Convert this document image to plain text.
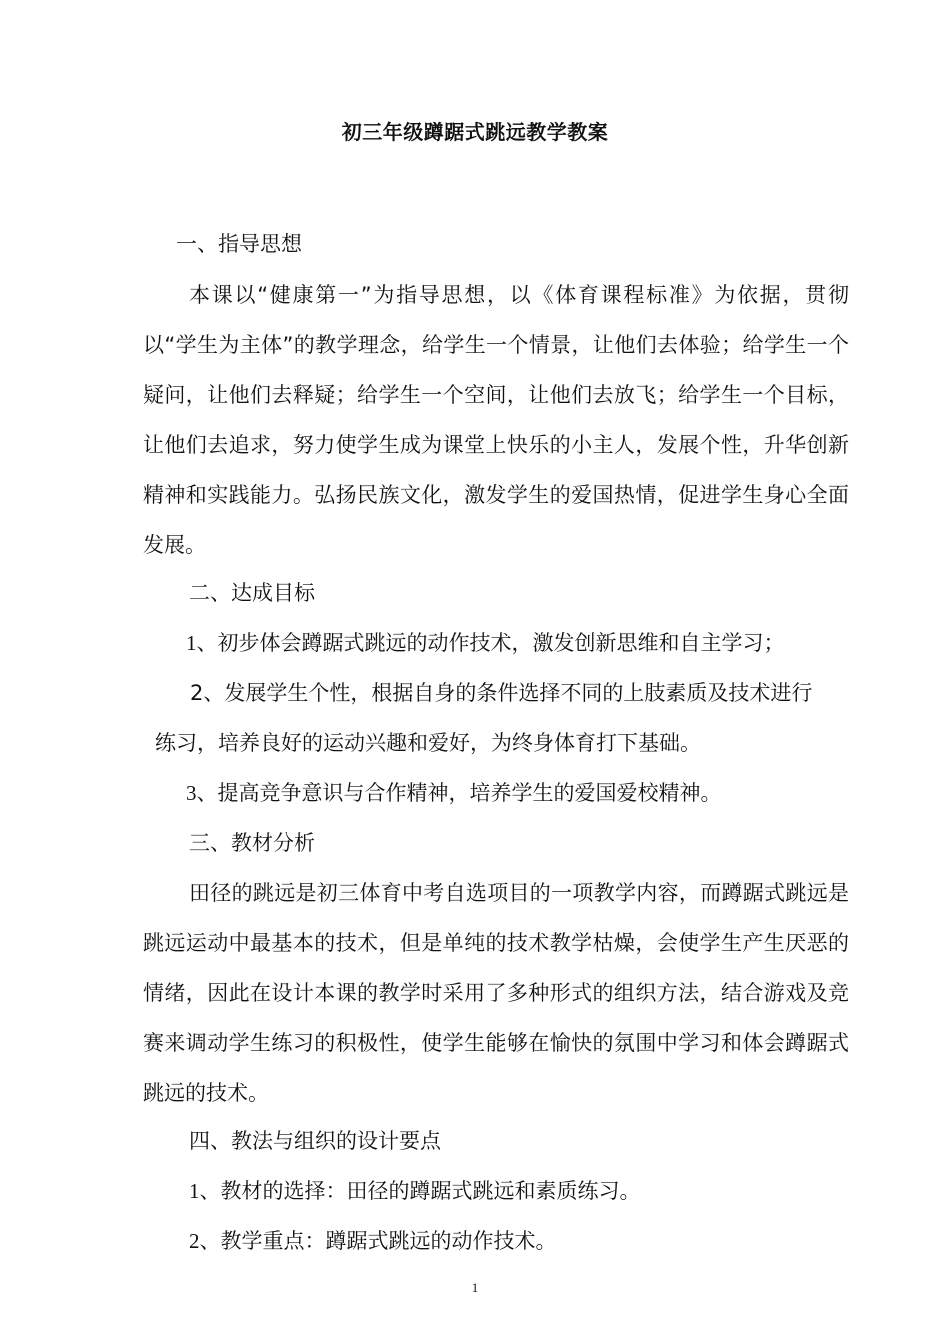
初三年级蹲踞式跳远教学教案
一、指导思想

本课以“健康第一”为指导思想，以《体育课程标准》为依据，贯彻以“学生为主体”的教学理念，给学生一个情景，让他们去体验；给学生一个疑问，让他们去释疑；给学生一个空间，让他们去放飞；给学生一个目标，让他们去追求，努力使学生成为课堂上快乐的小主人，发展个性，升华创新精神和实践能力。弘扬民族文化，激发学生的爱国热情，促进学生身心全面发展。

二、达成目标
1、初步体会蹲踞式跳远的动作技术，激发创新思维和自主学习；
2、发展学生个性，根据自身的条件选择不同的上肢素质及技术进行
练习，培养良好的运动兴趣和爱好，为终身体育打下基础。
3、提高竞争意识与合作精神，培养学生的爱国爱校精神。
三、教材分析

田径的跳远是初三体育中考自选项目的一项教学内容，而蹲踞式跳远是跳远运动中最基本的技术，但是单纯的技术教学枯燥，会使学生产生厌恶的情绪，因此在设计本课的教学时采用了多种形式的组织方法，结合游戏及竞赛来调动学生练习的积极性，使学生能够在愉快的氛围中学习和体会蹲踞式跳远的技术。

四、教法与组织的设计要点
1、教材的选择：田径的蹲踞式跳远和素质练习。
2、教学重点：蹲踞式跳远的动作技术。
1
